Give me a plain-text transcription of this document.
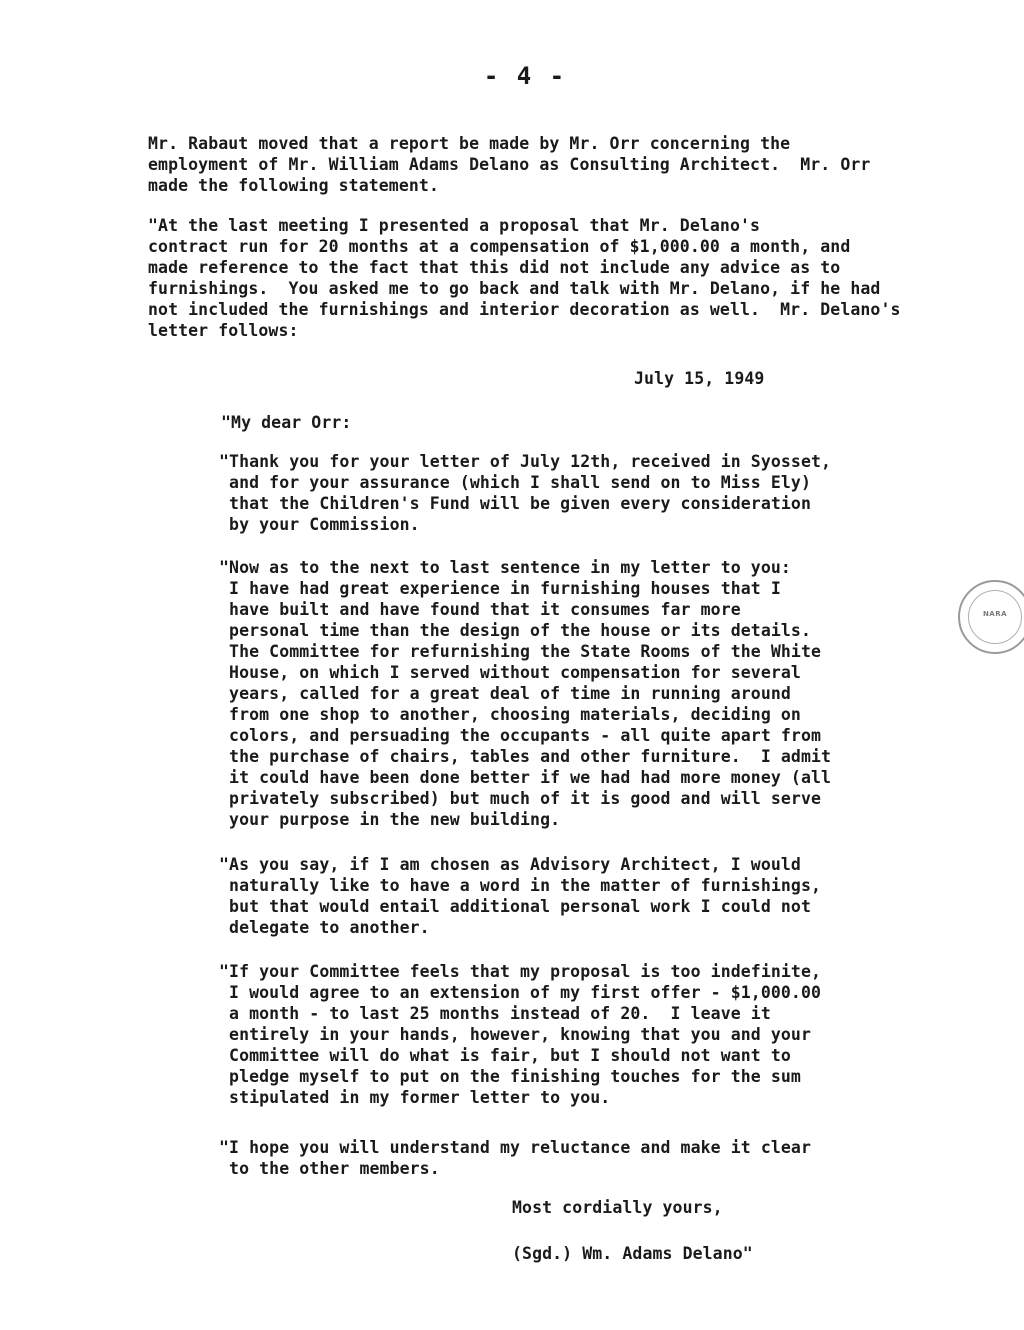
- 4 -

Mr. Rabaut moved that a report be made by Mr. Orr concerning the
employment of Mr. William Adams Delano as Consulting Architect.  Mr. Orr
made the following statement.

"At the last meeting I presented a proposal that Mr. Delano's
contract run for 20 months at a compensation of $1,000.00 a month, and
made reference to the fact that this did not include any advice as to
furnishings.  You asked me to go back and talk with Mr. Delano, if he had
not included the furnishings and interior decoration as well.  Mr. Delano's
letter follows:

July 15, 1949

"My dear Orr:

"Thank you for your letter of July 12th, received in Syosset,
and for your assurance (which I shall send on to Miss Ely)
that the Children's Fund will be given every consideration
by your Commission.

"Now as to the next to last sentence in my letter to you:
I have had great experience in furnishing houses that I
have built and have found that it consumes far more
personal time than the design of the house or its details.
The Committee for refurnishing the State Rooms of the White
House, on which I served without compensation for several
years, called for a great deal of time in running around
from one shop to another, choosing materials, deciding on
colors, and persuading the occupants - all quite apart from
the purchase of chairs, tables and other furniture.  I admit
it could have been done better if we had had more money (all
privately subscribed) but much of it is good and will serve
your purpose in the new building.

"As you say, if I am chosen as Advisory Architect, I would
naturally like to have a word in the matter of furnishings,
but that would entail additional personal work I could not
delegate to another.

"If your Committee feels that my proposal is too indefinite,
I would agree to an extension of my first offer - $1,000.00
a month - to last 25 months instead of 20.  I leave it
entirely in your hands, however, knowing that you and your
Committee will do what is fair, but I should not want to
pledge myself to put on the finishing touches for the sum
stipulated in my former letter to you.

"I hope you will understand my reluctance and make it clear
to the other members.

Most cordially yours,

(Sgd.) Wm. Adams Delano"

NARA
